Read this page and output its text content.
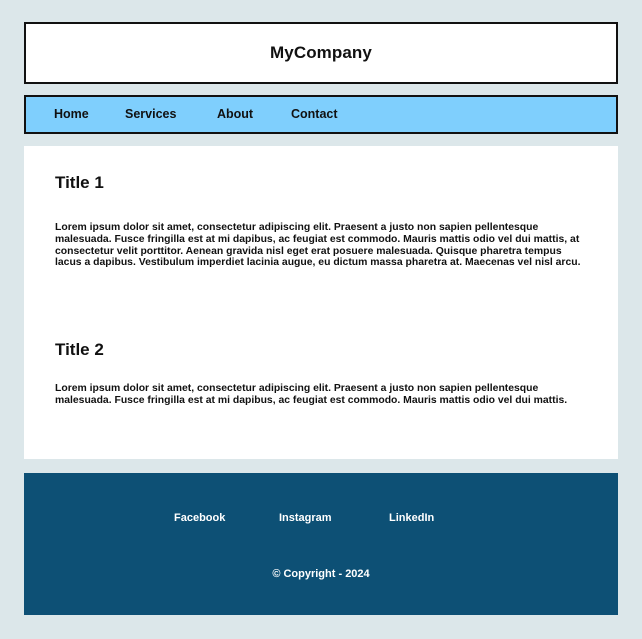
MyCompany
Home	Services	About	Contact
Title 1

Lorem ipsum dolor sit amet, consectetur adipiscing elit. Praesent a justo non sapien pellentesque malesuada. Fusce fringilla est at mi dapibus, ac feugiat est commodo. Mauris mattis odio vel dui mattis, at consectetur velit porttitor. Aenean gravida nisl eget erat posuere malesuada. Quisque pharetra tempus lacus a dapibus. Vestibulum imperdiet lacinia augue, eu dictum massa pharetra at. Maecenas vel nisl arcu.

Title 2

Lorem ipsum dolor sit amet, consectetur adipiscing elit. Praesent a justo non sapien pellentesque malesuada. Fusce fringilla est at mi dapibus, ac feugiat est commodo. Mauris mattis odio vel dui mattis.

Facebook	Instagram	LinkedIn
© Copyright - 2024
